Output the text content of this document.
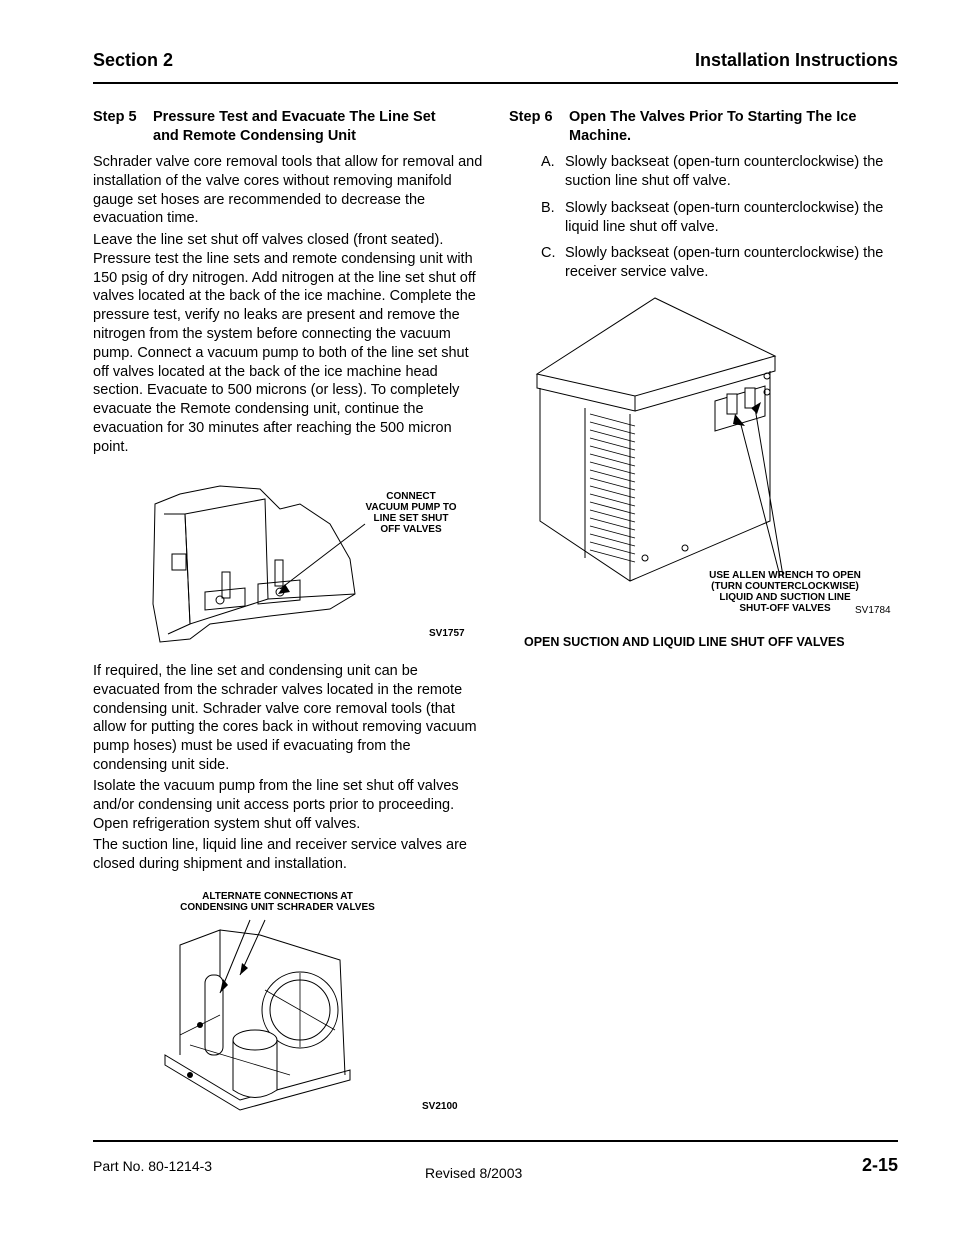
Section 2	Installation Instructions
Step 5 Pressure Test and Evacuate The Line Set
and Remote Condensing Unit

Schrader valve core removal tools that allow for removal and installation of the valve cores without removing manifold gauge set hoses are recommended to decrease the evacuation time.

Leave the line set shut off valves closed (front seated). Pressure test the line sets and remote condensing unit with 150 psig of dry nitrogen. Add nitrogen at the line set shut off valves located at the back of the ice machine. Complete the pressure test, verify no leaks are present and remove the nitrogen from the system before connecting the vacuum pump. Connect a vacuum pump to both of the line set shut off valves located at the back of the ice machine head section. Evacuate to 500 microns (or less). To completely evacuate the Remote condensing unit, continue the evacuation for 30 minutes after reaching the 500 micron point.

CONNECT
VACUUM PUMP TO
LINE SET SHUT
OFF VALVES
SV1757

If required, the line set and condensing unit can be evacuated from the schrader valves located in the remote condensing unit. Schrader valve core removal tools (that allow for putting the cores back in without removing vacuum pump hoses) must be used if evacuating from the condensing unit side.

Isolate the vacuum pump from the line set shut off valves and/or condensing unit access ports prior to proceeding. Open refrigeration system shut off valves.

The suction line, liquid line and receiver service valves are closed during shipment and installation.

ALTERNATE CONNECTIONS AT
CONDENSING UNIT SCHRADER VALVES
SV2100
Step 6 Open The Valves Prior To Starting The Ice
Machine.
A. Slowly backseat (open-turn counterclockwise) the suction line shut off valve.
B. Slowly backseat (open-turn counterclockwise) the liquid line shut off valve.
C. Slowly backseat (open-turn counterclockwise) the receiver service valve.
USE ALLEN WRENCH TO OPEN
(TURN COUNTERCLOCKWISE)
LIQUID AND SUCTION LINE
SHUT-OFF VALVES	SV1784
OPEN SUCTION AND LIQUID LINE SHUT OFF VALVES
Part No. 80-1214-3	Revised 8/2003	2-15
